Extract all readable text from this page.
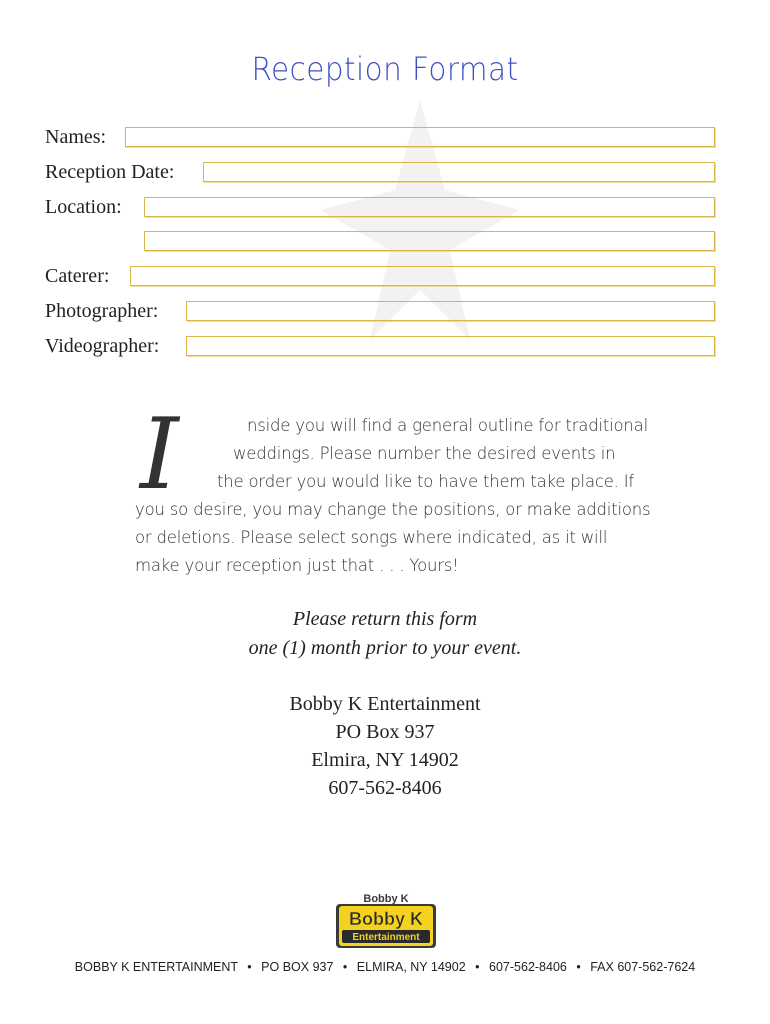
Reception Format
Names:
Reception Date:
Location:
Caterer:
Photographer:
Videographer:
I	nside you will find a general outline for traditional
weddings. Please number the desired events in
the order you would like to have them take place. If
you so desire, you may change the positions, or make additions
or deletions. Please select songs where indicated, as it will
make your reception just that . . . Yours!
Please return this form
one (1) month prior to your event.
Bobby K Entertainment
PO Box 937
Elmira, NY 14902
607-562-8406
Bobby K
Bobby K
Entertainment
BOBBY K ENTERTAINMENT • PO BOX 937 • ELMIRA, NY 14902 • 607-562-8406 • FAX 607-562-7624
